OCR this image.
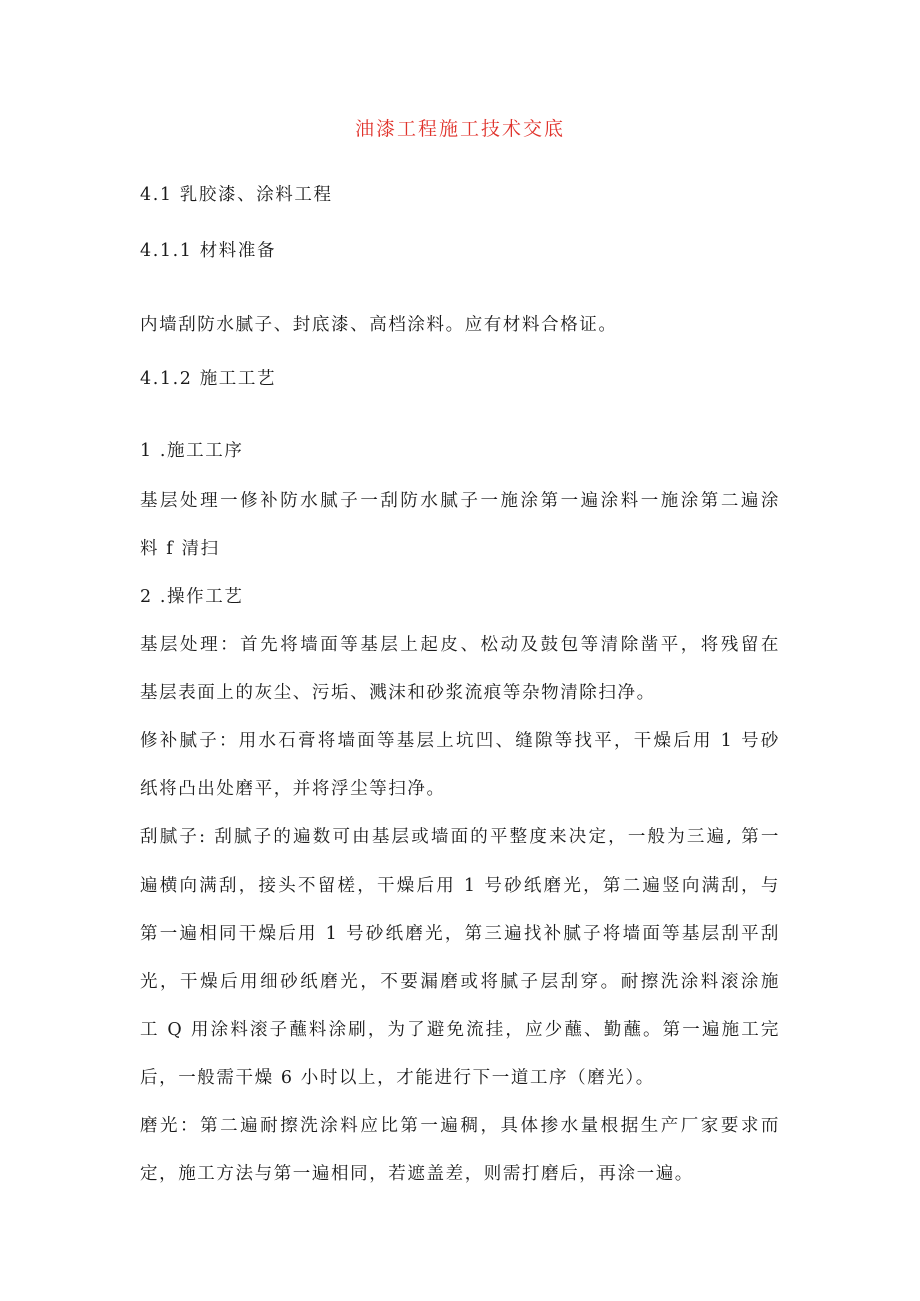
油漆工程施工技术交底
4.1 乳胶漆、涂料工程
4.1.1 材料准备

内墙刮防水腻子、封底漆、高档涂料。应有材料合格证。

4.1.2 施工工艺
1 .施工工序

基层处理一修补防水腻子一刮防水腻子一施涂第一遍涂料一施涂第二遍涂

料 f 清扫

2 .操作工艺

基层处理：首先将墙面等基层上起皮、松动及鼓包等清除凿平，将残留在

基层表面上的灰尘、污垢、溅沫和砂浆流痕等杂物清除扫净。

修补腻子：用水石膏将墙面等基层上坑凹、缝隙等找平，干燥后用 1 号砂

纸将凸出处磨平，并将浮尘等扫净。

刮腻子: 刮腻子的遍数可由基层或墙面的平整度来决定，一般为三遍, 第一

遍横向满刮，接头不留槎，干燥后用 1 号砂纸磨光，第二遍竖向满刮，与

第一遍相同干燥后用 1 号砂纸磨光，第三遍找补腻子将墙面等基层刮平刮

光，干燥后用细砂纸磨光，不要漏磨或将腻子层刮穿。耐擦洗涂料滚涂施

工 Q 用涂料滚子蘸料涂刷，为了避免流挂，应少蘸、勤蘸。第一遍施工完

后，一般需干燥 6 小时以上，才能进行下一道工序（磨光）。

磨光：第二遍耐擦洗涂料应比第一遍稠，具体掺水量根据生产厂家要求而

定，施工方法与第一遍相同，若遮盖差，则需打磨后，再涂一遍。
